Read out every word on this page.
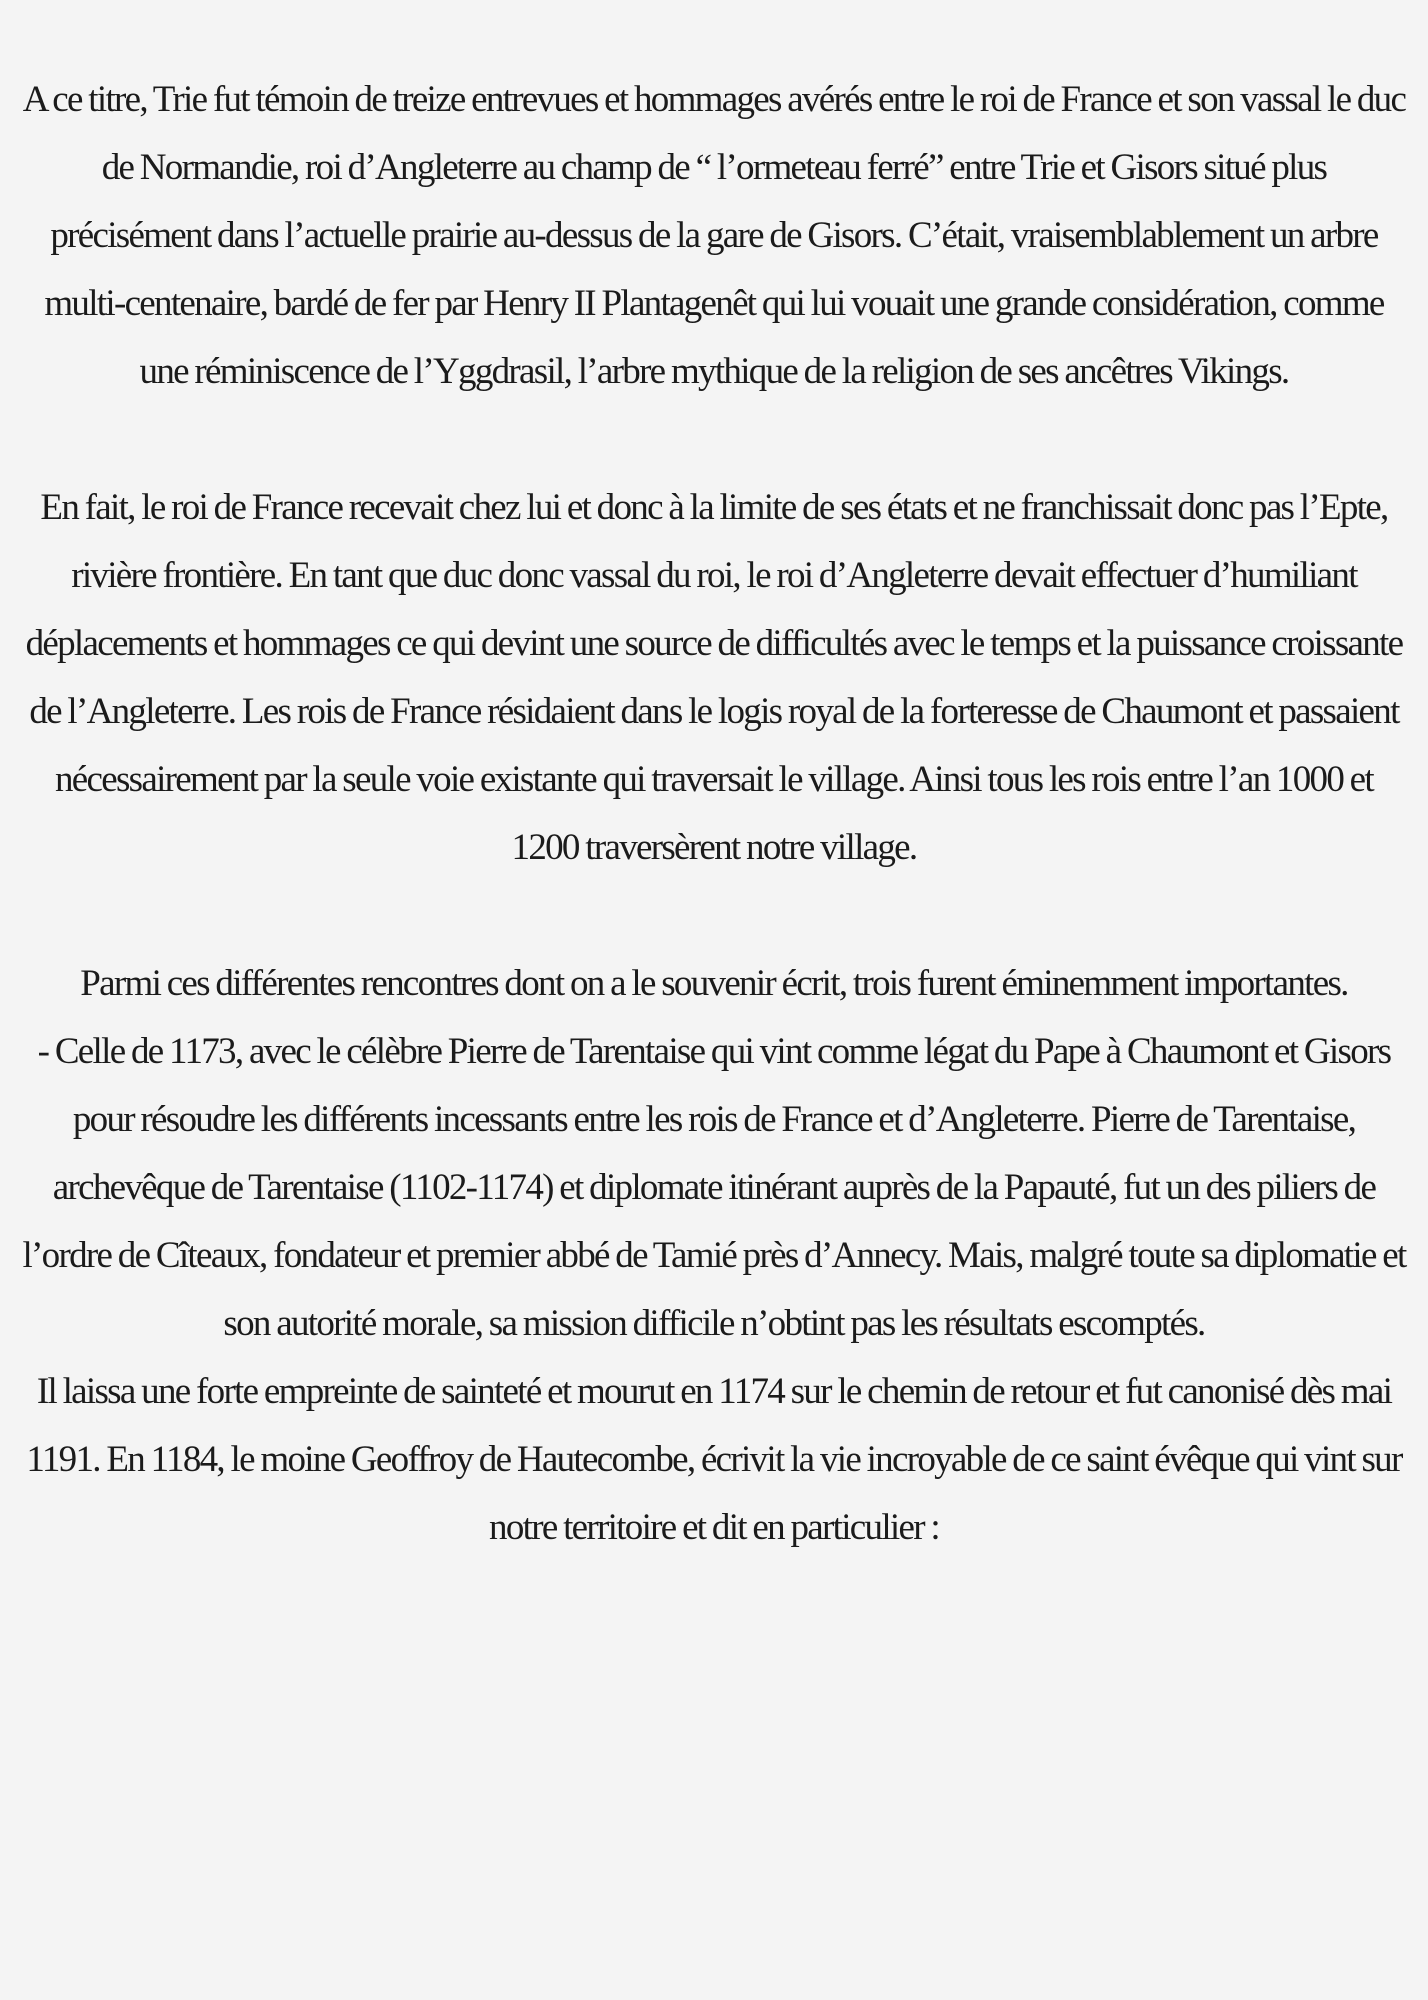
A ce titre, Trie fut témoin de treize entrevues et hommages avérés entre le roi de France et son vassal le duc de Normandie, roi d’Angleterre au champ de “ l’ormeteau ferré” entre Trie et Gisors situé plus précisément dans l’actuelle prairie au-dessus de la gare de Gisors. C’était, vraisemblablement un arbre multi-centenaire, bardé de fer par Henry II Plantagenêt qui lui vouait une grande considération, comme une réminiscence de l’Yggdrasil, l’arbre mythique de la religion de ses ancêtres Vikings.

En fait, le roi de France recevait chez lui et donc à la limite de ses états et ne franchissait donc pas l’Epte, rivière frontière. En tant que duc donc vassal du roi, le roi d’Angleterre devait effectuer d’humiliant déplacements et hommages ce qui devint une source de difficultés avec le temps et la puissance croissante de l’Angleterre. Les rois de France résidaient dans le logis royal de la forteresse de Chaumont et passaient nécessairement par la seule voie existante qui traversait le village. Ainsi tous les rois entre l’an 1000 et 1200 traversèrent notre village.

Parmi ces différentes rencontres dont on a le souvenir écrit, trois furent éminemment importantes.

- Celle de 1173, avec le célèbre Pierre de Tarentaise qui vint comme légat du Pape à Chaumont et Gisors pour résoudre les différents incessants entre les rois de France et d’Angleterre. Pierre de Tarentaise, archevêque de Tarentaise (1102-1174) et diplomate itinérant auprès de la Papauté, fut un des piliers de l’ordre de Cîteaux, fondateur et premier abbé de Tamié près d’Annecy. Mais, malgré toute sa diplomatie et son autorité morale, sa mission difficile n’obtint pas les résultats escomptés.

Il laissa une forte empreinte de sainteté et mourut en 1174 sur le chemin de retour et fut canonisé dès mai 1191. En 1184, le moine Geoffroy de Hautecombe, écrivit la vie incroyable de ce saint évêque qui vint sur notre territoire et dit en particulier :
